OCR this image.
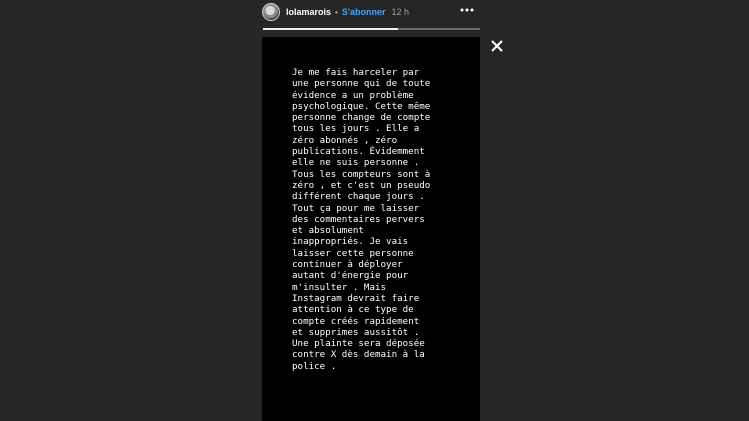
lolamarois • S'abonner 12 h

Je me fais harceler par
une personne qui de toute
évidence a un problème
psychologique. Cette même
personne change de compte
tous les jours . Elle a
zéro abonnés , zéro
publications. Évidemment
elle ne suis personne .
Tous les compteurs sont à
zéro , et c'est un pseudo
différent chaque jours .
Tout ça pour me laisser
des commentaires pervers
et absolument
inappropriés. Je vais
laisser cette personne
continuer à déployer
autant d'énergie pour
m'insulter . Mais
Instagram devrait faire
attention à ce type de
compte créés rapidement
et supprimes aussitôt .
Une plainte sera déposée
contre X dès demain à la
police .
